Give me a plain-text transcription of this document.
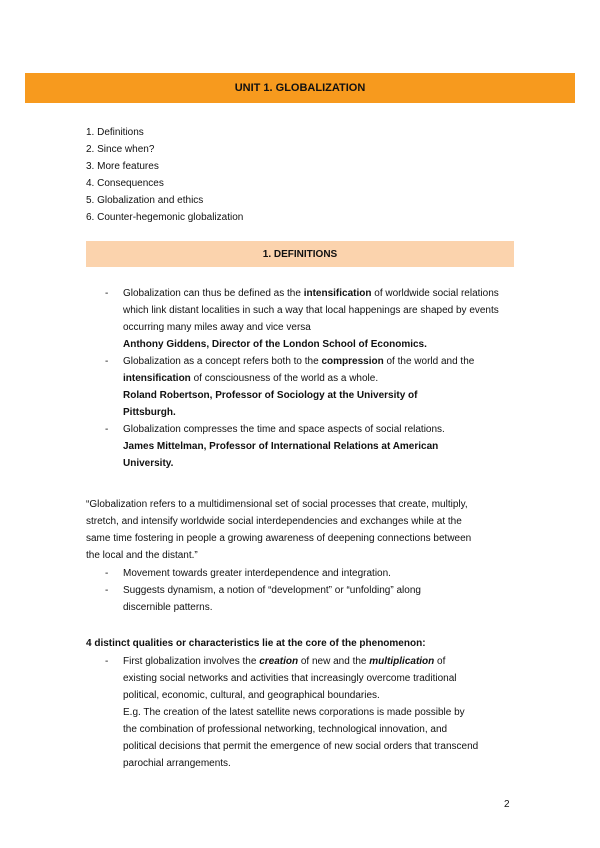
UNIT 1. GLOBALIZATION
1. Definitions
2. Since when?
3. More features
4. Consequences
5. Globalization and ethics
6. Counter-hegemonic globalization
1. DEFINITIONS
- Globalization can thus be defined as the intensification of worldwide social relations which link distant localities in such a way that local happenings are shaped by events occurring many miles away and vice versa
Anthony Giddens, Director of the London School of Economics.
- Globalization as a concept refers both to the compression of the world and the intensification of consciousness of the world as a whole.
Roland Robertson, Professor of Sociology at the University of Pittsburgh.
- Globalization compresses the time and space aspects of social relations.
James Mittelman, Professor of International Relations at American University.
“Globalization refers to a multidimensional set of social processes that create, multiply, stretch, and intensify worldwide social interdependencies and exchanges while at the same time fostering in people a growing awareness of deepening connections between the local and the distant.”
- Movement towards greater interdependence and integration.
- Suggests dynamism, a notion of “development” or “unfolding” along discernible patterns.
4 distinct qualities or characteristics lie at the core of the phenomenon:
- First globalization involves the creation of new and the multiplication of existing social networks and activities that increasingly overcome traditional political, economic, cultural, and geographical boundaries.
E.g. The creation of the latest satellite news corporations is made possible by the combination of professional networking, technological innovation, and political decisions that permit the emergence of new social orders that transcend parochial arrangements.
2
